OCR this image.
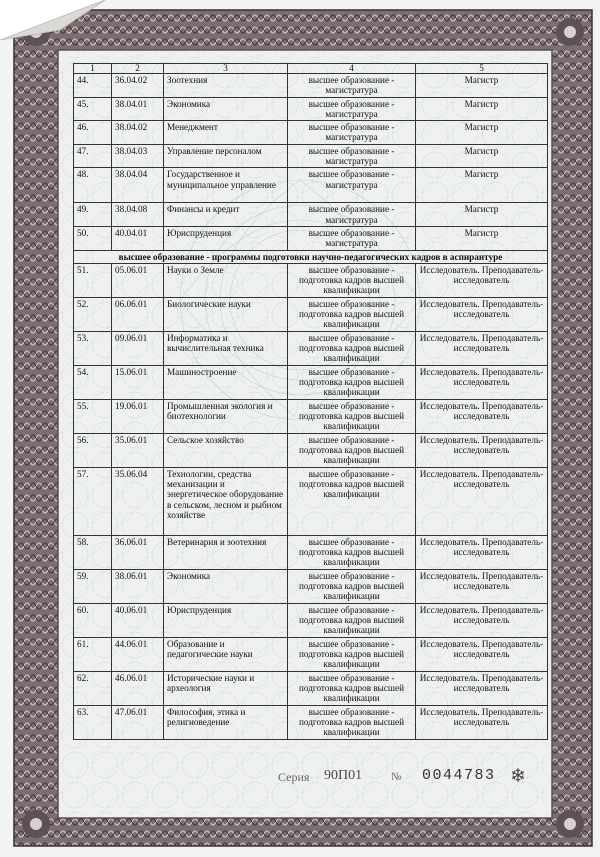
1	2	3	4	5
44.	36.04.02	Зоотехния	высшее образование - магистратура	Магистр
45.	38.04.01	Экономика	высшее образование - магистратура	Магистр
46.	38.04.02	Менеджмент	высшее образование - магистратура	Магистр
47.	38.04.03	Управление персоналом	высшее образование - магистратура	Магистр
48.	38.04.04	Государственное и муниципальное управление	высшее образование - магистратура	Магистр
49.	38.04.08	Финансы и кредит	высшее образование - магистратура	Магистр
50.	40.04.01	Юриспруденция	высшее образование - магистратура	Магистр
высшее образование - программы подготовки научно-педагогических кадров в аспирантуре				
51.	05.06.01	Науки о Земле	высшее образование - подготовка кадров высшей квалификации	Исследователь. Преподаватель-исследователь
52.	06.06.01	Биологические науки	высшее образование - подготовка кадров высшей квалификации	Исследователь. Преподаватель-исследователь
53.	09.06.01	Информатика и вычислительная техника	высшее образование - подготовка кадров высшей квалификации	Исследователь. Преподаватель-исследователь
54.	15.06.01	Машиностроение	высшее образование - подготовка кадров высшей квалификации	Исследователь. Преподаватель-исследователь
55.	19.06.01	Промышленная экология и биотехнологии	высшее образование - подготовка кадров высшей квалификации	Исследователь. Преподаватель-исследователь
56.	35.06.01	Сельское хозяйство	высшее образование - подготовка кадров высшей квалификации	Исследователь. Преподаватель-исследователь
57.	35.06.04	Технологии, средства механизации и энергетическое оборудование в сельском, лесном и рыбном хозяйстве	высшее образование - подготовка кадров высшей квалификации	Исследователь. Преподаватель-исследователь
58.	36.06.01	Ветеринария и зоотехния	высшее образование - подготовка кадров высшей квалификации	Исследователь. Преподаватель-исследователь
59.	38.06.01	Экономика	высшее образование - подготовка кадров высшей квалификации	Исследователь. Преподаватель-исследователь
60.	40.06.01	Юриспруденция	высшее образование - подготовка кадров высшей квалификации	Исследователь. Преподаватель-исследователь
61.	44.06.01	Образование и педагогические науки	высшее образование - подготовка кадров высшей квалификации	Исследователь. Преподаватель-исследователь
62.	46.06.01	Исторические науки и археология	высшее образование - подготовка кадров высшей квалификации	Исследователь. Преподаватель-исследователь
63.	47.06.01	Философия, этика и религиоведение	высшее образование - подготовка кадров высшей квалификации	Исследователь. Преподаватель-исследователь
Серия 90П01	№ 0044783 ❄
